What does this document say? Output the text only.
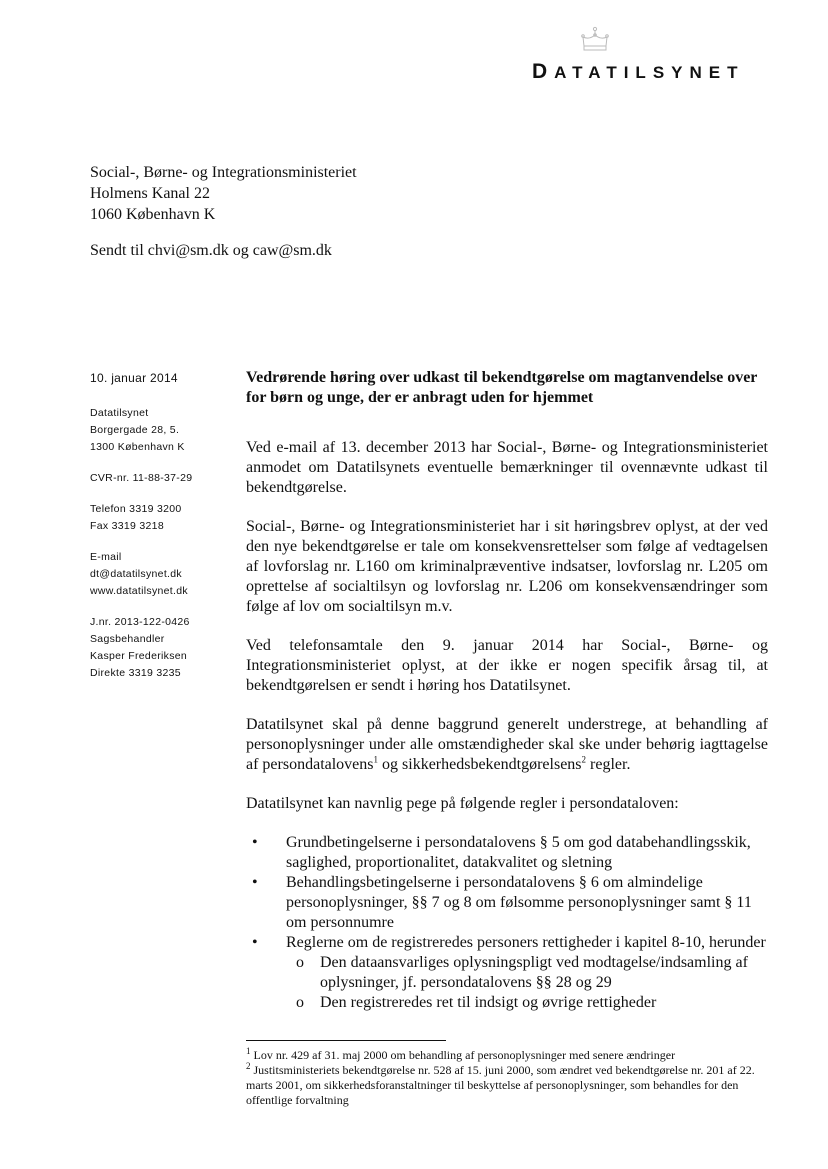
DATATILSYNET
Social-, Børne- og Integrationsministeriet
Holmens Kanal 22
1060 København K
Sendt til chvi@sm.dk og caw@sm.dk
10. januar 2014
Datatilsynet
Borgergade 28, 5.
1300 København K
CVR-nr. 11-88-37-29
Telefon 3319 3200
Fax 3319 3218
E-mail
dt@datatilsynet.dk
www.datatilsynet.dk
J.nr. 2013-122-0426
Sagsbehandler
Kasper Frederiksen
Direkte 3319 3235
Vedrørende høring over udkast til bekendtgørelse om magtanvendelse over for børn og unge, der er anbragt uden for hjemmet

Ved e-mail af 13. december 2013 har Social-, Børne- og Integrationsministeriet anmodet om Datatilsynets eventuelle bemærkninger til ovennævnte udkast til bekendtgørelse.

Social-, Børne- og Integrationsministeriet har i sit høringsbrev oplyst, at der ved den nye bekendtgørelse er tale om konsekvensrettelser som følge af vedtagelsen af lovforslag nr. L160 om kriminalpræventive indsatser, lovforslag nr. L205 om oprettelse af socialtilsyn og lovforslag nr. L206 om konsekvensændringer som følge af lov om socialtilsyn m.v.

Ved telefonsamtale den 9. januar 2014 har Social-, Børne- og Integrationsministeriet oplyst, at der ikke er nogen specifik årsag til, at bekendtgørelsen er sendt i høring hos Datatilsynet.

Datatilsynet skal på denne baggrund generelt understrege, at behandling af personoplysninger under alle omstændigheder skal ske under behørig iagttagelse af persondatalovens$^1$ og sikkerhedsbekendtgørelsens$^2$ regler.

Datatilsynet kan navnlig pege på følgende regler i persondataloven:

• Grundbetingelserne i persondatalovens § 5 om god databehandlingsskik, saglighed, proportionalitet, datakvalitet og sletning
• Behandlingsbetingelserne i persondatalovens § 6 om almindelige personoplysninger, §§ 7 og 8 om følsomme personoplysninger samt § 11 om personnumre
• Reglerne om de registreredes personers rettigheder i kapitel 8-10, herunder
o Den dataansvarliges oplysningspligt ved modtagelse/indsamling af oplysninger, jf. persondatalovens §§ 28 og 29
o Den registreredes ret til indsigt og øvrige rettigheder
$^1$ Lov nr. 429 af 31. maj 2000 om behandling af personoplysninger med senere ændringer
$^2$ Justitsministeriets bekendtgørelse nr. 528 af 15. juni 2000, som ændret ved bekendtgørelse nr. 201 af 22. marts 2001, om sikkerhedsforanstaltninger til beskyttelse af personoplysninger, som behandles for den offentlige forvaltning
